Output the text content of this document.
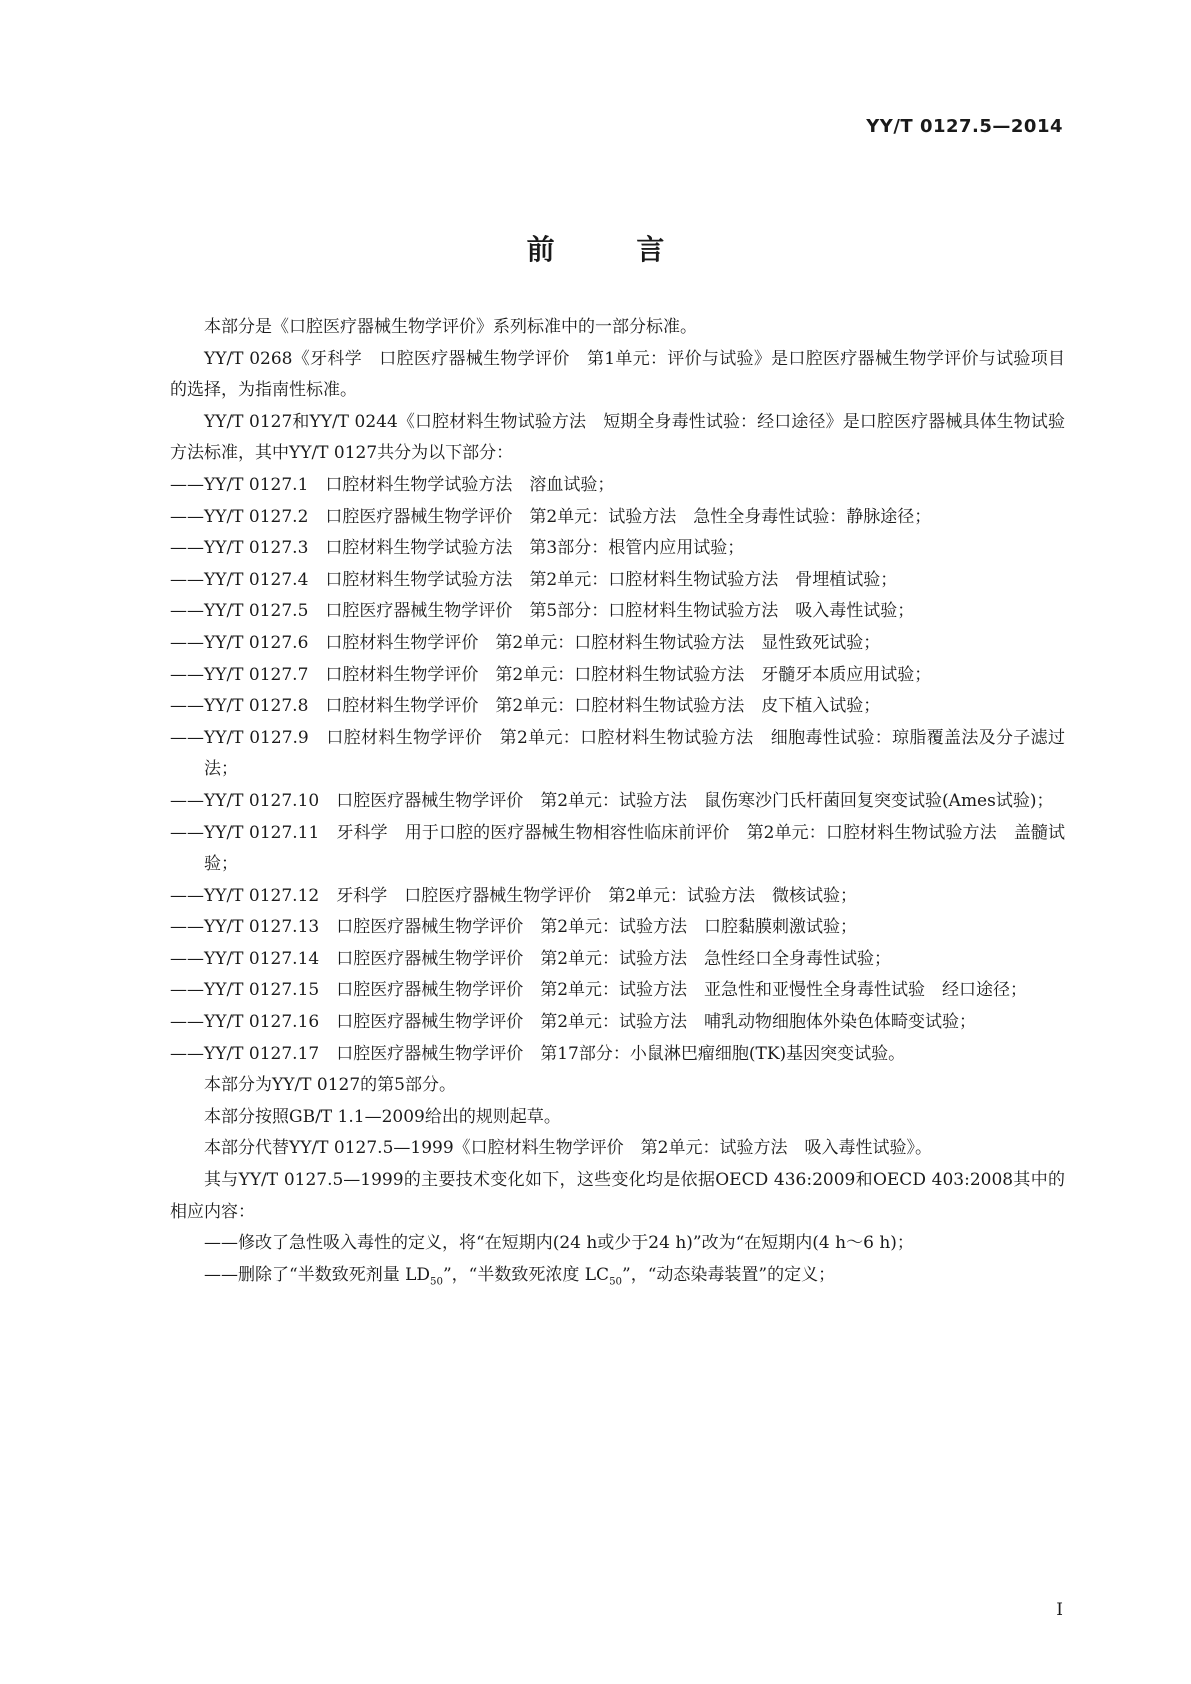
YY/T 0127.5—2014
前 言

本部分是《口腔医疗器械生物学评价》系列标准中的一部分标准。

YY/T 0268《牙科学　口腔医疗器械生物学评价　第1单元：评价与试验》是口腔医疗器械生物学评价与试验项目的选择，为指南性标准。

YY/T 0127和YY/T 0244《口腔材料生物试验方法　短期全身毒性试验：经口途径》是口腔医疗器械具体生物试验方法标准，其中YY/T 0127共分为以下部分：

——YY/T 0127.1　口腔材料生物学试验方法　溶血试验；

——YY/T 0127.2　口腔医疗器械生物学评价　第2单元：试验方法　急性全身毒性试验：静脉途径；

——YY/T 0127.3　口腔材料生物学试验方法　第3部分：根管内应用试验；

——YY/T 0127.4　口腔材料生物学试验方法　第2单元：口腔材料生物试验方法　骨埋植试验；

——YY/T 0127.5　口腔医疗器械生物学评价　第5部分：口腔材料生物试验方法　吸入毒性试验；

——YY/T 0127.6　口腔材料生物学评价　第2单元：口腔材料生物试验方法　显性致死试验；

——YY/T 0127.7　口腔材料生物学评价　第2单元：口腔材料生物试验方法　牙髓牙本质应用试验；

——YY/T 0127.8　口腔材料生物学评价　第2单元：口腔材料生物试验方法　皮下植入试验；

——YY/T 0127.9　口腔材料生物学评价　第2单元：口腔材料生物试验方法　细胞毒性试验：琼脂覆盖法及分子滤过法；

——YY/T 0127.10　口腔医疗器械生物学评价　第2单元：试验方法　鼠伤寒沙门氏杆菌回复突变试验(Ames试验)；

——YY/T 0127.11　牙科学　用于口腔的医疗器械生物相容性临床前评价　第2单元：口腔材料生物试验方法　盖髓试验；

——YY/T 0127.12　牙科学　口腔医疗器械生物学评价　第2单元：试验方法　微核试验；

——YY/T 0127.13　口腔医疗器械生物学评价　第2单元：试验方法　口腔黏膜刺激试验；

——YY/T 0127.14　口腔医疗器械生物学评价　第2单元：试验方法　急性经口全身毒性试验；

——YY/T 0127.15　口腔医疗器械生物学评价　第2单元：试验方法　亚急性和亚慢性全身毒性试验　经口途径；

——YY/T 0127.16　口腔医疗器械生物学评价　第2单元：试验方法　哺乳动物细胞体外染色体畸变试验；

——YY/T 0127.17　口腔医疗器械生物学评价　第17部分：小鼠淋巴瘤细胞(TK)基因突变试验。

本部分为YY/T 0127的第5部分。

本部分按照GB/T 1.1—2009给出的规则起草。

本部分代替YY/T 0127.5—1999《口腔材料生物学评价　第2单元：试验方法　吸入毒性试验》。

其与YY/T 0127.5—1999的主要技术变化如下，这些变化均是依据OECD 436:2009和OECD 403:2008其中的相应内容：

——修改了急性吸入毒性的定义，将“在短期内(24 h或少于24 h)”改为“在短期内(4 h～6 h)；

——删除了“半数致死剂量 $LD_{50}$”，“半数致死浓度 $LC_{50}$”，“动态染毒装置”的定义；

I
